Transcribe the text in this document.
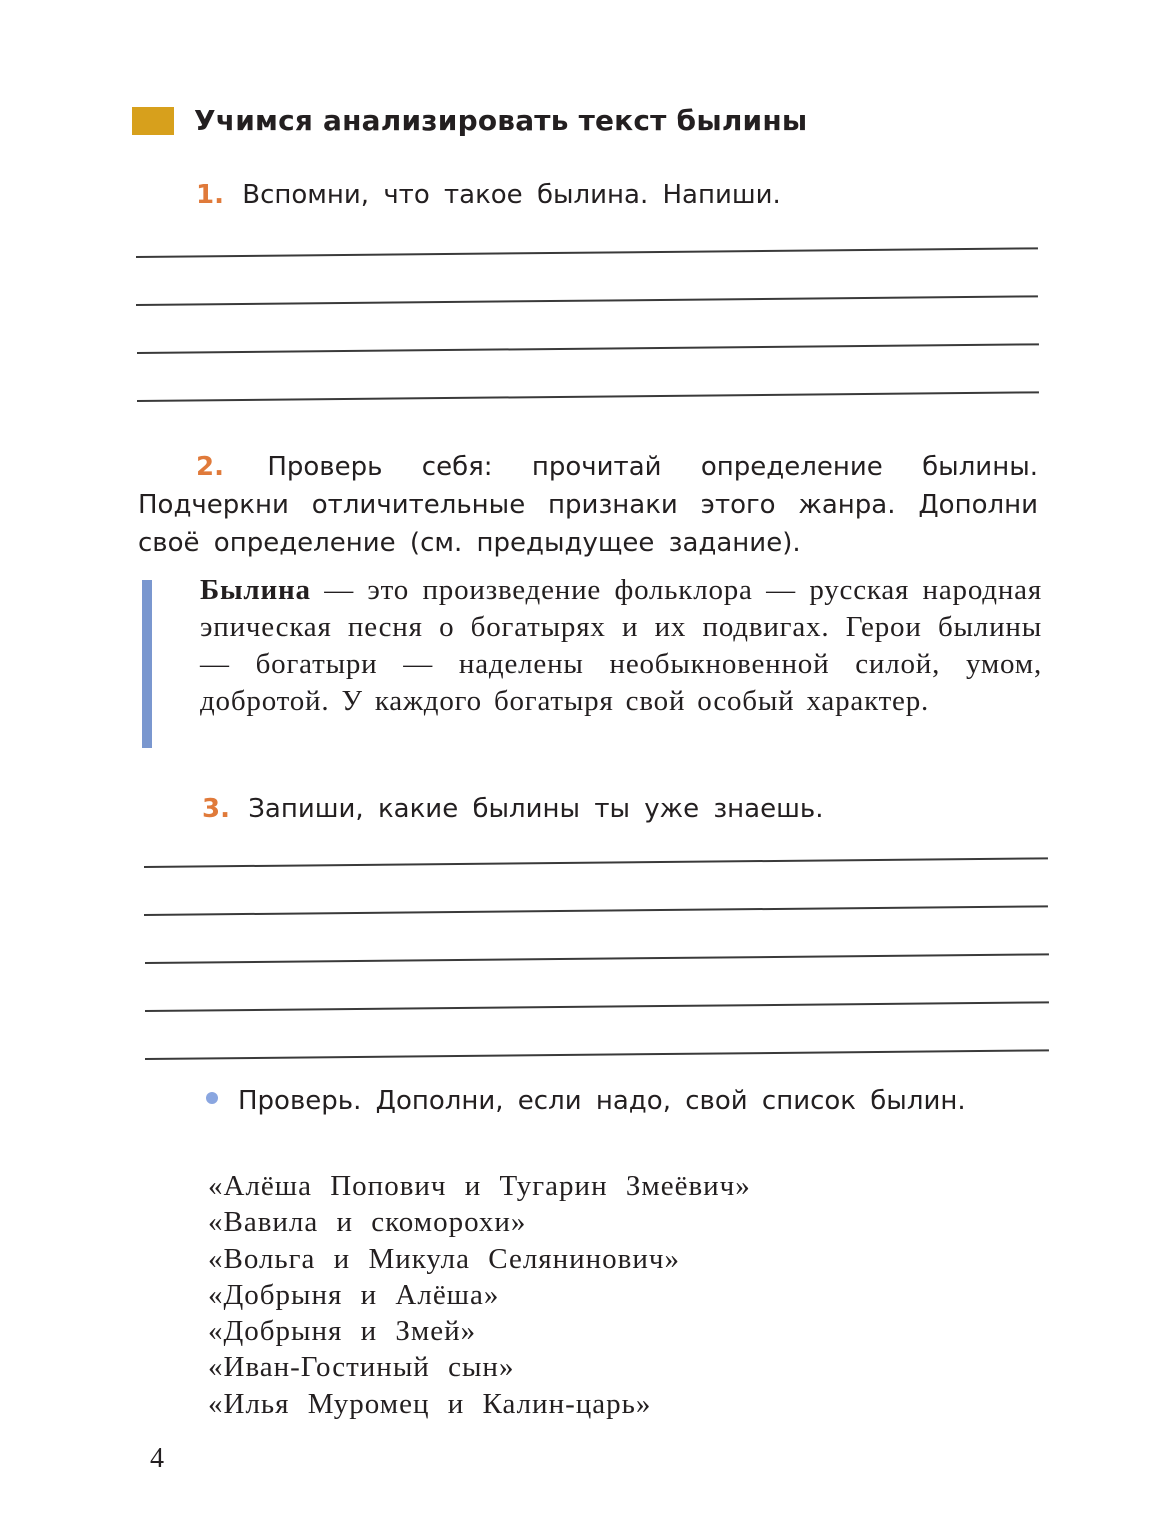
Учимся анализировать текст былины
1. Вспомни, что такое былина. Напиши.
2. Проверь себя: прочитай определение былины. Подчеркни отличительные признаки этого жанра. Дополни своё определение (см. предыдущее задание).
Былина — это произведение фольклора — русская народная эпическая песня о богатырях и их подвигах. Герои былины — богатыри — наделены необыкновенной силой, умом, добротой. У каждого богатыря свой особый характер.
3. Запиши, какие былины ты уже знаешь.
Проверь. Дополни, если надо, свой список былин.
«Алёша Попович и Тугарин Змеёвич»
«Вавила и скоморохи»
«Вольга и Микула Селянинович»
«Добрыня и Алёша»
«Добрыня и Змей»
«Иван-Гостиный сын»
«Илья Муромец и Калин-царь»
4
